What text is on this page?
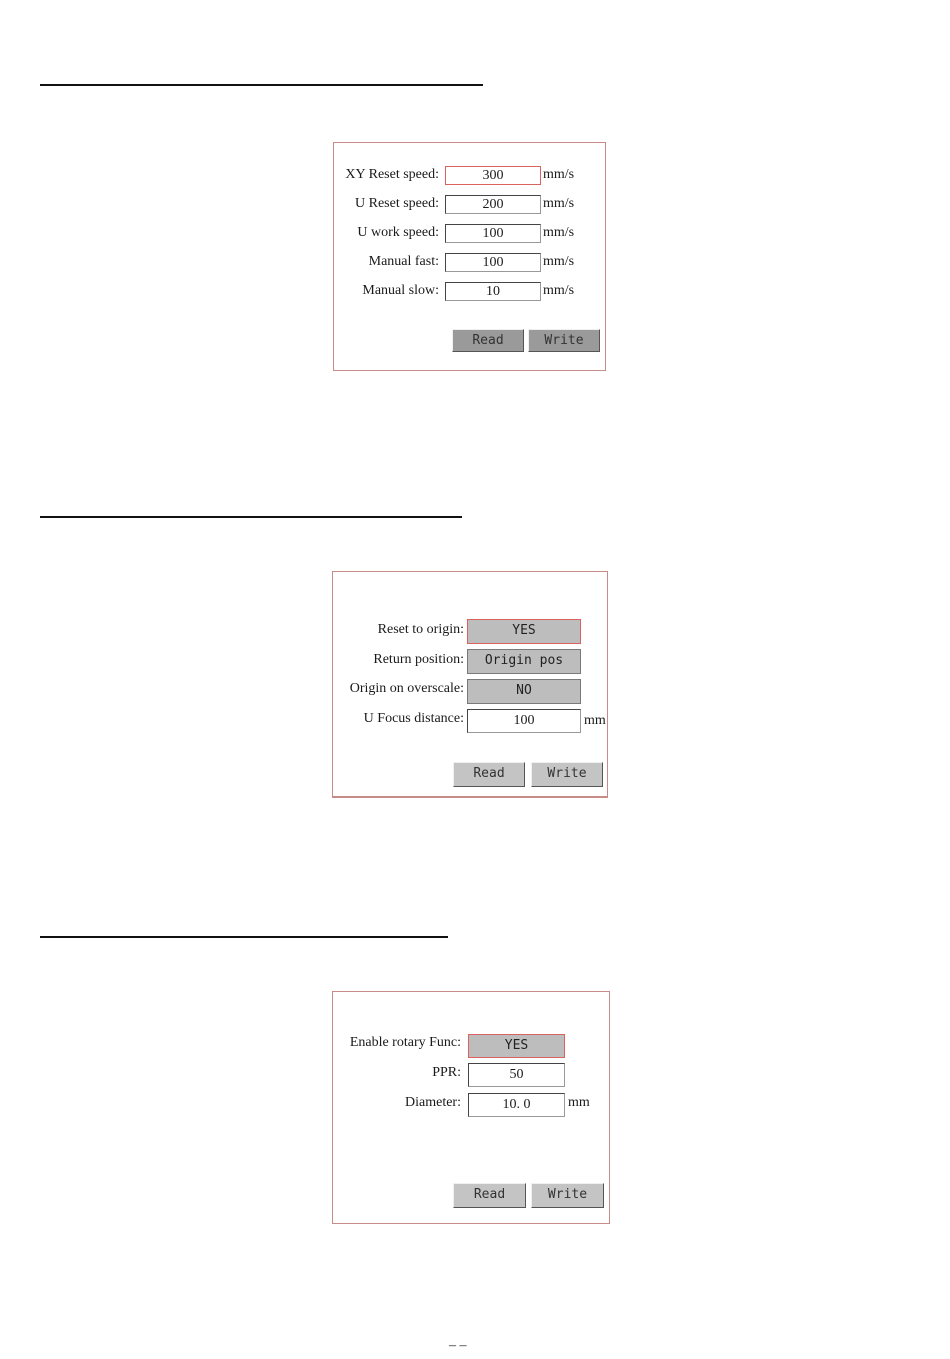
XY Reset speed:	300	mm/s
U Reset speed:	200	mm/s
U work speed:	100	mm/s
Manual fast:	100	mm/s
Manual slow:	10	mm/s
Read	Write
Reset to origin:	YES
Return position:	Origin pos
Origin on overscale:	NO
U Focus distance:	100	mm
Read	Write
Enable rotary Func:	YES
PPR:	50
Diameter:	10. 0	mm
Read	Write
– –
